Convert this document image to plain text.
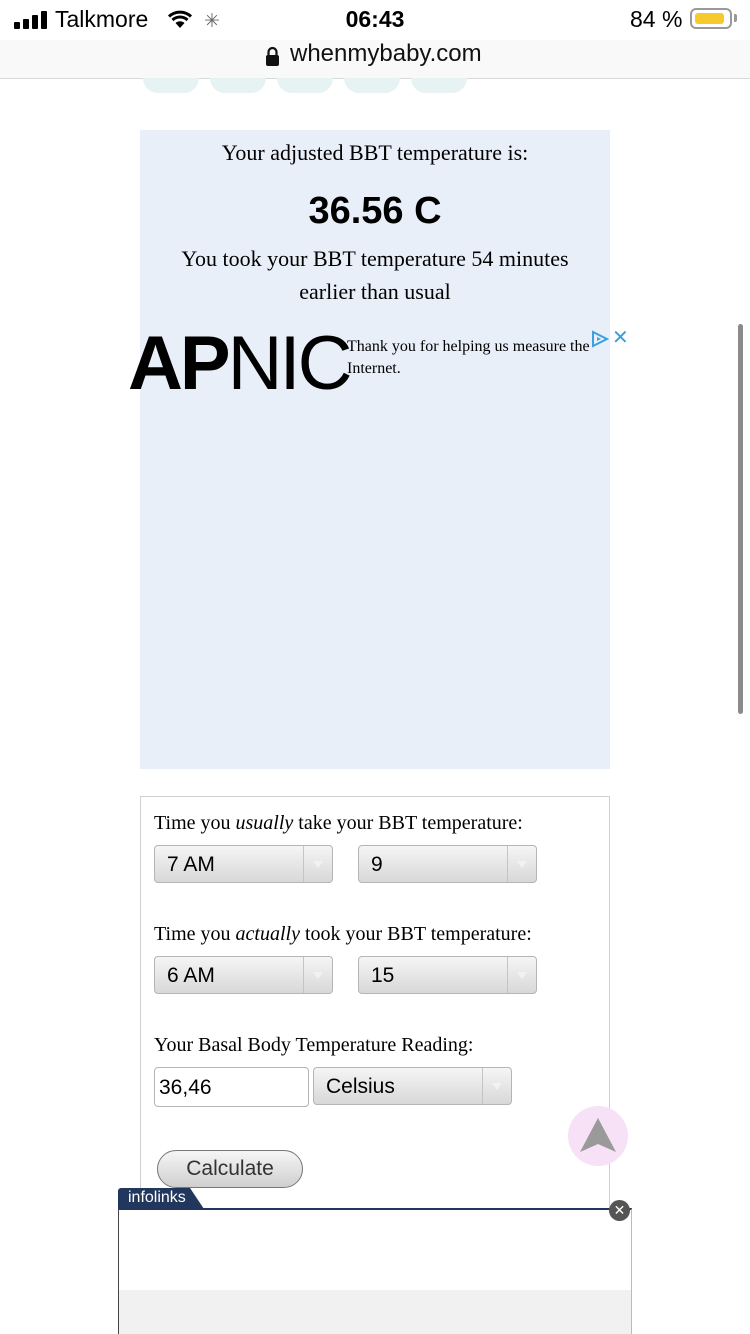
Talkmore	✳	06:43	84 %
whenmybaby.com
Your adjusted BBT temperature is:
36.56 C
You took your BBT temperature 54 minutes earlier than usual
APNIC
Thank you for helping us measure the Internet.
✕
Time you usually take your BBT temperature:
7 AM	9
Time you actually took your BBT temperature:
6 AM	15
Your Basal Body Temperature Reading:
36,46	Celsius
Calculate
infolinks
✕
